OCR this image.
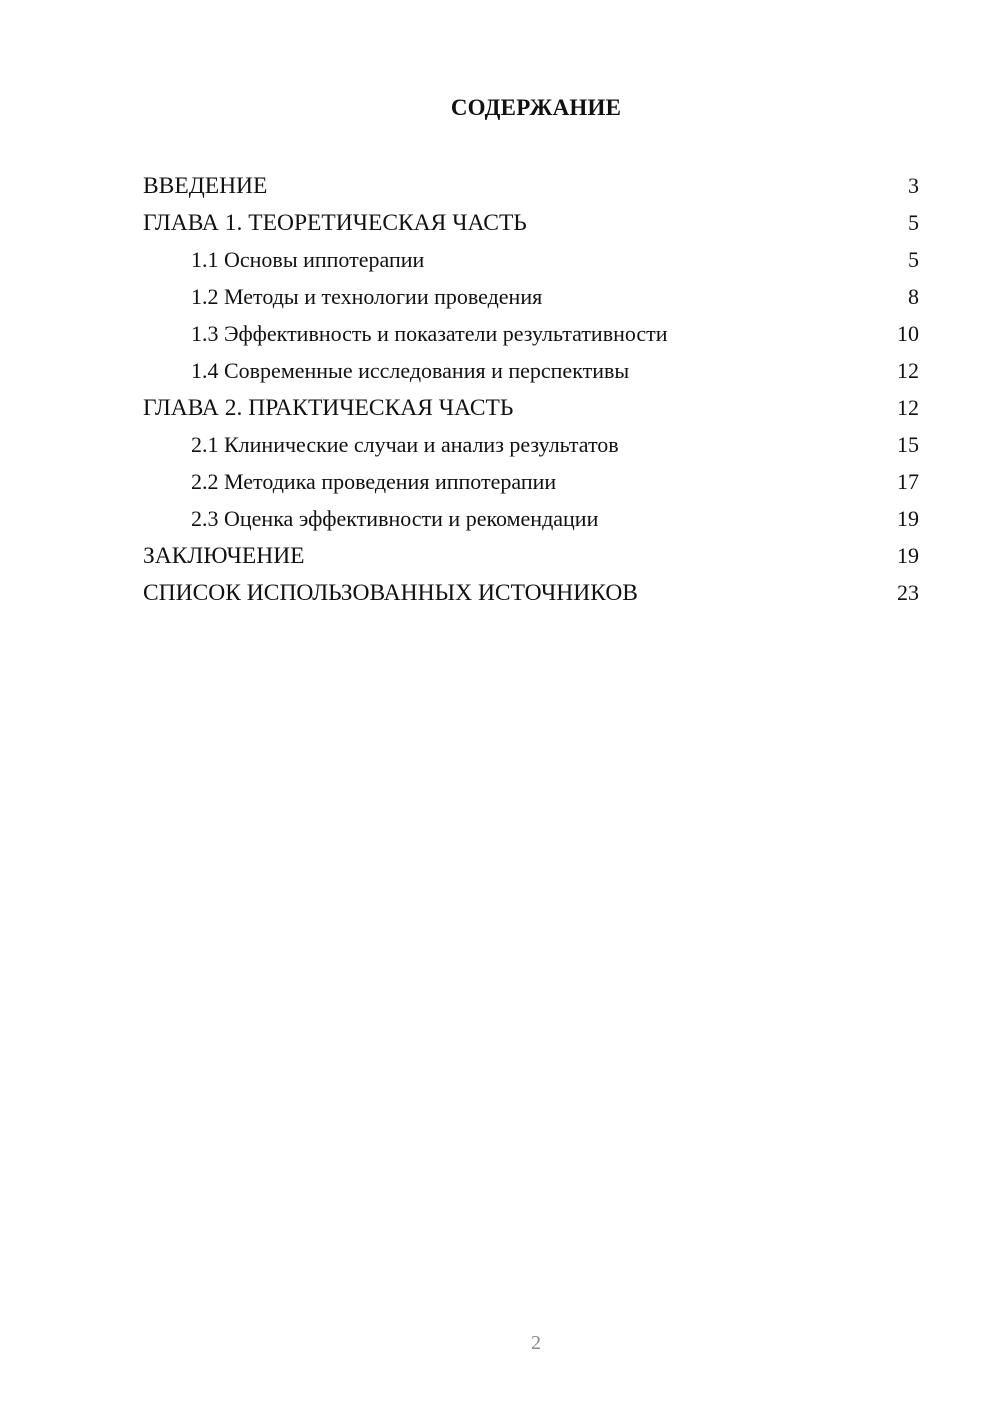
СОДЕРЖАНИЕ
ВВЕДЕНИЕ	3
ГЛАВА 1. ТЕОРЕТИЧЕСКАЯ ЧАСТЬ	5
1.1 Основы иппотерапии	5
1.2 Методы и технологии проведения	8
1.3 Эффективность и показатели результативности	10
1.4 Современные исследования и перспективы	12
ГЛАВА 2. ПРАКТИЧЕСКАЯ ЧАСТЬ	12
2.1 Клинические случаи и анализ результатов	15
2.2 Методика проведения иппотерапии	17
2.3 Оценка эффективности и рекомендации	19
ЗАКЛЮЧЕНИЕ	19
СПИСОК ИСПОЛЬЗОВАННЫХ ИСТОЧНИКОВ	23
2
